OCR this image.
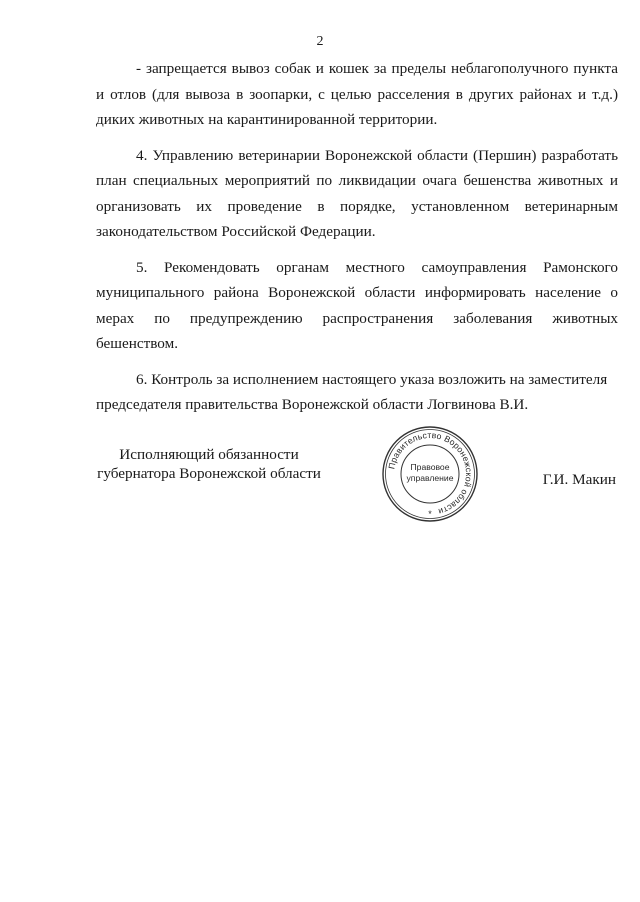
2

- запрещается вывоз собак и кошек за пределы неблагополучного пункта и отлов (для вывоза в зоопарки, с целью расселения в других районах и т.д.) диких животных на карантинированной территории.

4. Управлению ветеринарии Воронежской области (Першин) разработать план специальных мероприятий по ликвидации очага бешенства животных и организовать их проведение в порядке, установленном ветеринарным законодательством Российской Федерации.

5. Рекомендовать органам местного самоуправления Рамонского муниципального района Воронежской области информировать население о мерах по предупреждению распространения заболевания животных бешенством.

6. Контроль за исполнением настоящего указа возложить на заместителя председателя правительства Воронежской области Логвинова В.И.

Исполняющий обязанности
губернатора Воронежской области	Правительство Воронежской области
Правовое
управление
*
Г.И. Макин
